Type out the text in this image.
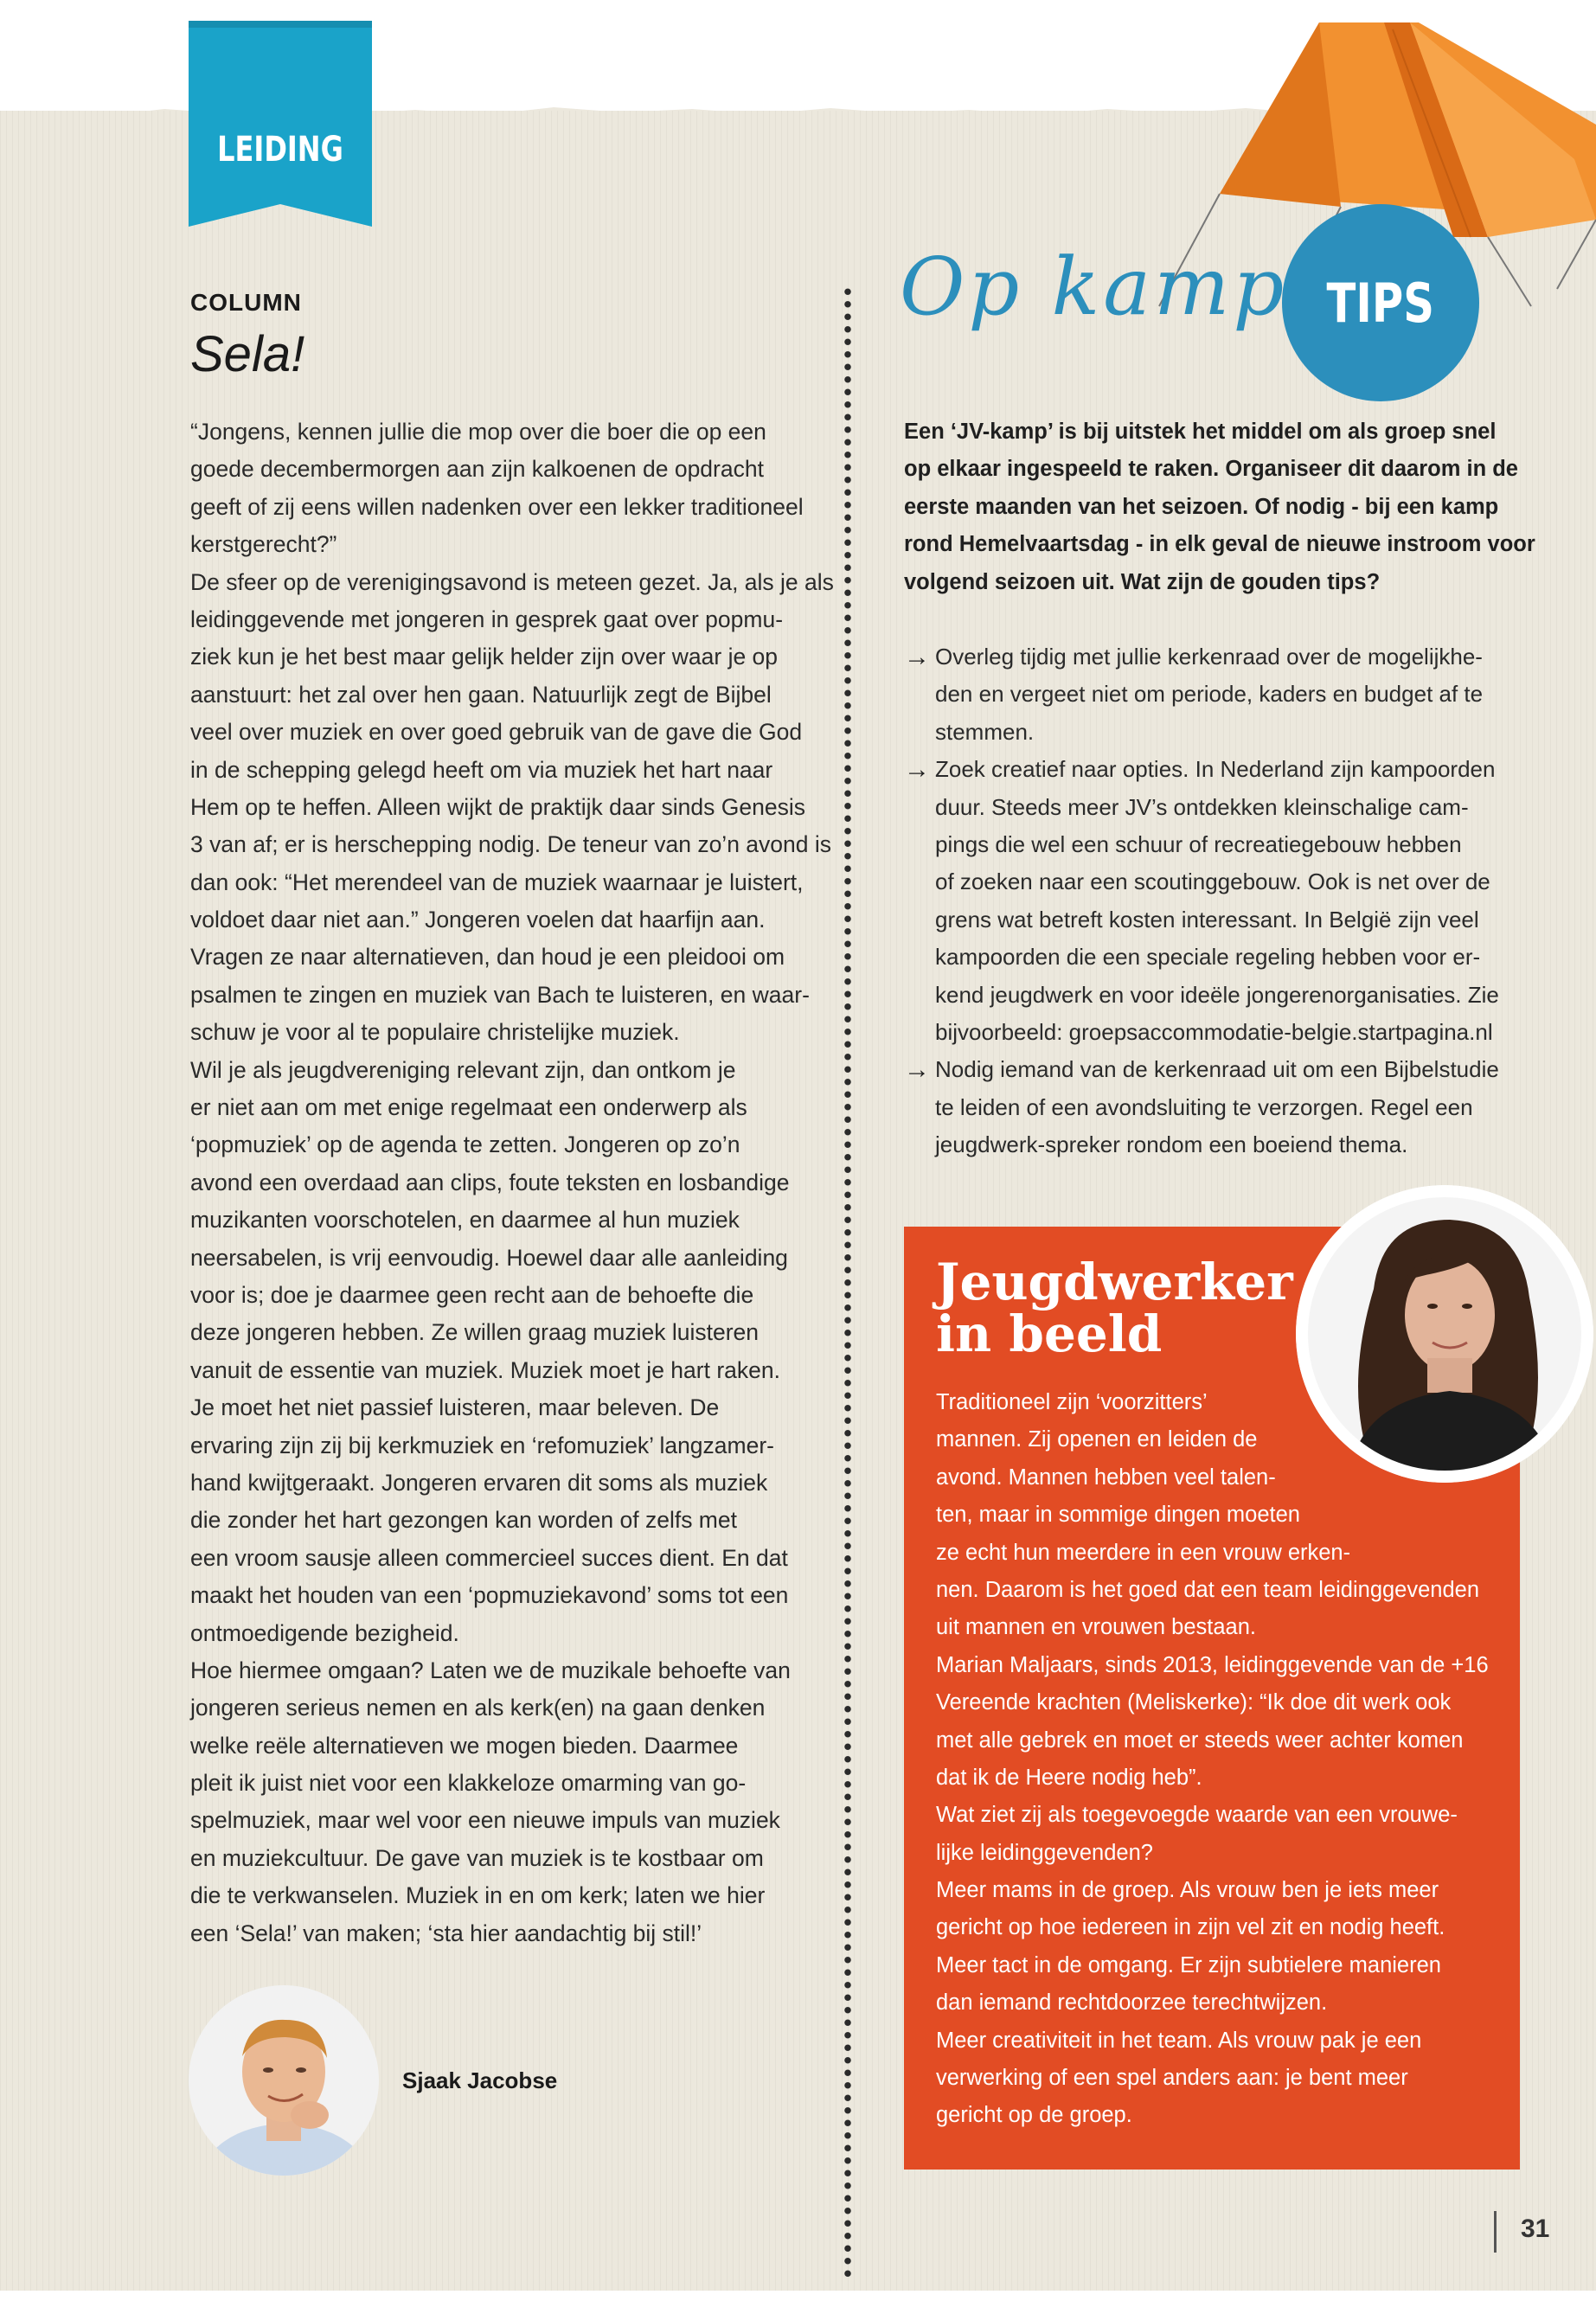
LEIDING
TIPS
COLUMN
Sela!
“Jongens, kennen jullie die mop over die boer die op een
goede decembermorgen aan zijn kalkoenen de opdracht
geeft of zij eens willen nadenken over een lekker traditioneel
kerstgerecht?”
De sfeer op de verenigingsavond is meteen gezet. Ja, als je als
leidinggevende met jongeren in gesprek gaat over popmu-
ziek kun je het best maar gelijk helder zijn over waar je op
aanstuurt: het zal over hen gaan. Natuurlijk zegt de Bijbel
veel over muziek en over goed gebruik van de gave die God
in de schepping gelegd heeft om via muziek het hart naar
Hem op te heffen. Alleen wijkt de praktijk daar sinds Genesis
3 van af; er is herschepping nodig. De teneur van zo’n avond is
dan ook: “Het merendeel van de muziek waarnaar je luistert,
voldoet daar niet aan.” Jongeren voelen dat haarfijn aan.
Vragen ze naar alternatieven, dan houd je een pleidooi om
psalmen te zingen en muziek van Bach te luisteren, en waar-
schuw je voor al te populaire christelijke muziek.
Wil je als jeugdvereniging relevant zijn, dan ontkom je
er niet aan om met enige regelmaat een onderwerp als
‘popmuziek’ op de agenda te zetten. Jongeren op zo’n
avond een overdaad aan clips, foute teksten en losbandige
muzikanten voorschotelen, en daarmee al hun muziek
neersabelen, is vrij eenvoudig. Hoewel daar alle aanleiding
voor is; doe je daarmee geen recht aan de behoefte die
deze jongeren hebben. Ze willen graag muziek luisteren
vanuit de essentie van muziek. Muziek moet je hart raken.
Je moet het niet passief luisteren, maar beleven. De
ervaring zijn zij bij kerkmuziek en ‘refomuziek’ langzamer-
hand kwijtgeraakt. Jongeren ervaren dit soms als muziek
die zonder het hart gezongen kan worden of zelfs met
een vroom sausje alleen commercieel succes dient. En dat
maakt het houden van een ‘popmuziekavond’ soms tot een
ontmoedigende bezigheid.
Hoe hiermee omgaan? Laten we de muzikale behoefte van
jongeren serieus nemen en als kerk(en) na gaan denken
welke reële alternatieven we mogen bieden. Daarmee
pleit ik juist niet voor een klakkeloze omarming van go-
spelmuziek, maar wel voor een nieuwe impuls van muziek
en muziekcultuur. De gave van muziek is te kostbaar om
die te verkwanselen. Muziek in en om kerk; laten we hier
een ‘Sela!’ van maken; ‘sta hier aandachtig bij stil!’
Sjaak Jacobse
Op kamp
Een ‘JV-kamp’ is bij uitstek het middel om als groep snel
op elkaar ingespeeld te raken. Organiseer dit daarom in de
eerste maanden van het seizoen. Of nodig - bij een kamp
rond Hemelvaartsdag - in elk geval de nieuwe instroom voor
volgend seizoen uit. Wat zijn de gouden tips?
→ Overleg tijdig met jullie kerkenraad over de mogelijkhe-
den en vergeet niet om periode, kaders en budget af te
stemmen.
→ Zoek creatief naar opties. In Nederland zijn kampoorden
duur. Steeds meer JV’s ontdekken kleinschalige cam-
pings die wel een schuur of recreatiegebouw hebben
of zoeken naar een scoutinggebouw. Ook is net over de
grens wat betreft kosten interessant. In België zijn veel
kampoorden die een speciale regeling hebben voor er-
kend jeugdwerk en voor ideële jongerenorganisaties. Zie
bijvoorbeeld: groepsaccommodatie-belgie.startpagina.nl
→ Nodig iemand van de kerkenraad uit om een Bijbelstudie
te leiden of een avondsluiting te verzorgen. Regel een
jeugdwerk-spreker rondom een boeiend thema.
Jeugdwerker
in beeld
Traditioneel zijn ‘voorzitters’
mannen. Zij openen en leiden de
avond. Mannen hebben veel talen-
ten, maar in sommige dingen moeten
ze echt hun meerdere in een vrouw erken-
nen. Daarom is het goed dat een team leidinggevenden
uit mannen en vrouwen bestaan.
Marian Maljaars, sinds 2013, leidinggevende van de +16
Vereende krachten (Meliskerke): “Ik doe dit werk ook
met alle gebrek en moet er steeds weer achter komen
dat ik de Heere nodig heb”.
Wat ziet zij als toegevoegde waarde van een vrouwe-
lijke leidinggevenden?
Meer mams in de groep. Als vrouw ben je iets meer
gericht op hoe iedereen in zijn vel zit en nodig heeft.
Meer tact in de omgang. Er zijn subtielere manieren
dan iemand rechtdoorzee terechtwijzen.
Meer creativiteit in het team. Als vrouw pak je een
verwerking of een spel anders aan: je bent meer
gericht op de groep.
31
